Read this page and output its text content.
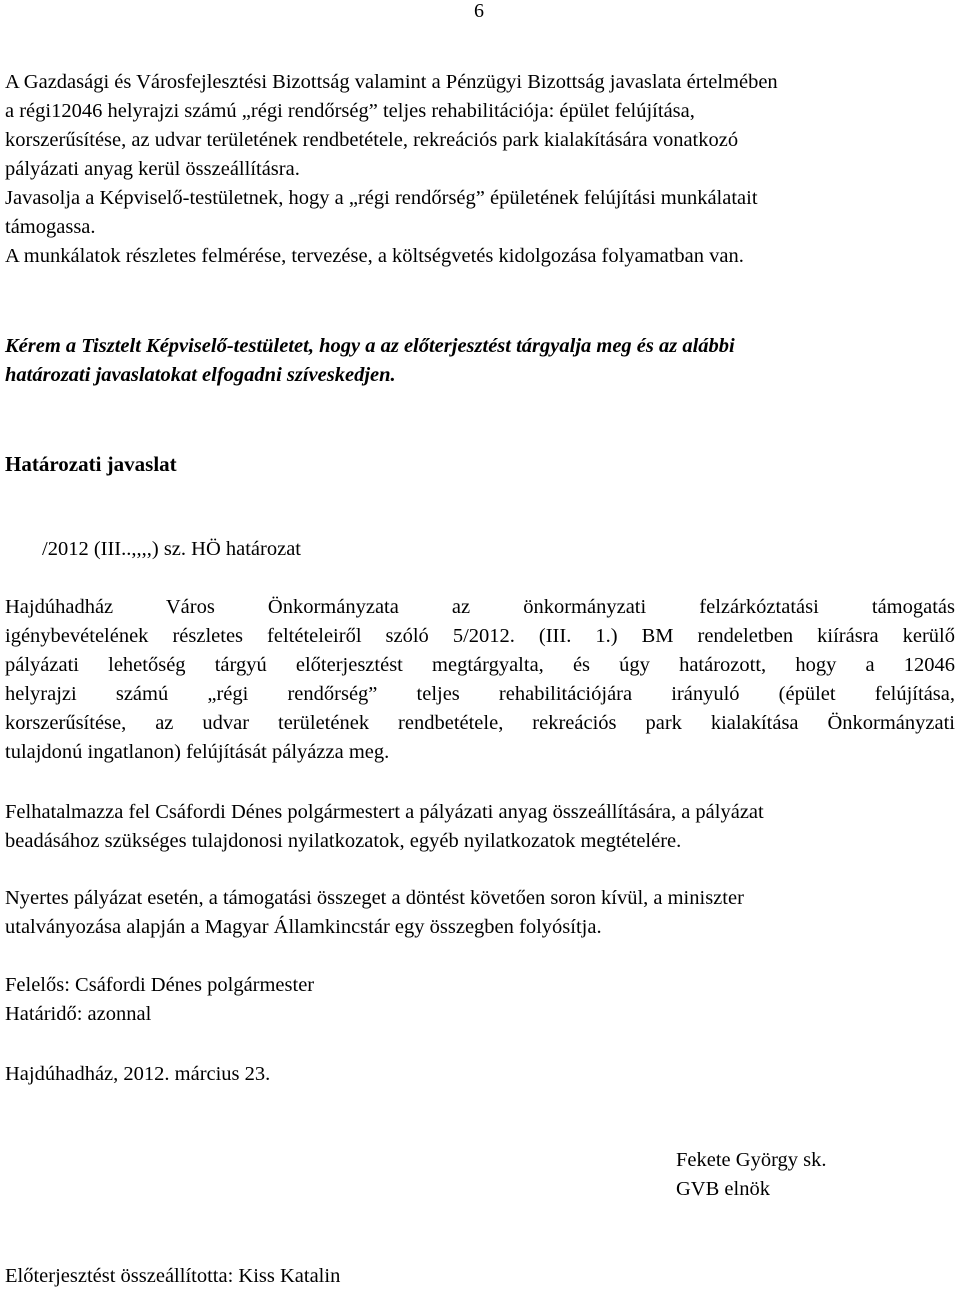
6
A Gazdasági és Városfejlesztési Bizottság valamint a Pénzügyi Bizottság javaslata értelmében
a régi12046 helyrajzi számú „régi rendőrség” teljes rehabilitációja: épület felújítása,
korszerűsítése, az udvar területének rendbetétele, rekreációs park kialakítására vonatkozó
pályázati anyag kerül összeállításra.
Javasolja a Képviselő-testületnek, hogy a „régi rendőrség” épületének felújítási munkálatait
támogassa.
A munkálatok részletes felmérése, tervezése, a költségvetés kidolgozása folyamatban van.
Kérem a Tisztelt Képviselő-testületet, hogy a az előterjesztést tárgyalja meg és az alábbi
határozati javaslatokat elfogadni szíveskedjen.
Határozati javaslat
/2012 (III..,,,,) sz. HÖ határozat
Hajdúhadház Város Önkormányzata az önkormányzati felzárkóztatási támogatás
igénybevételének részletes feltételeiről szóló 5/2012. (III. 1.) BM rendeletben kiírásra kerülő
pályázati lehetőség tárgyú előterjesztést megtárgyalta, és úgy határozott, hogy a 12046
helyrajzi számú „régi rendőrség” teljes rehabilitációjára irányuló (épület felújítása,
korszerűsítése, az udvar területének rendbetétele, rekreációs park kialakítása Önkormányzati
tulajdonú ingatlanon) felújítását pályázza meg.
Felhatalmazza fel Csáfordi Dénes polgármestert a pályázati anyag összeállítására, a pályázat
beadásához szükséges tulajdonosi nyilatkozatok, egyéb nyilatkozatok megtételére.
Nyertes pályázat esetén, a támogatási összeget a döntést követően soron kívül, a miniszter
utalványozása alapján a Magyar Államkincstár egy összegben folyósítja.
Felelős: Csáfordi Dénes polgármester
Határidő: azonnal
Hajdúhadház, 2012. március 23.
Fekete György sk.
GVB elnök
Előterjesztést összeállította: Kiss Katalin
